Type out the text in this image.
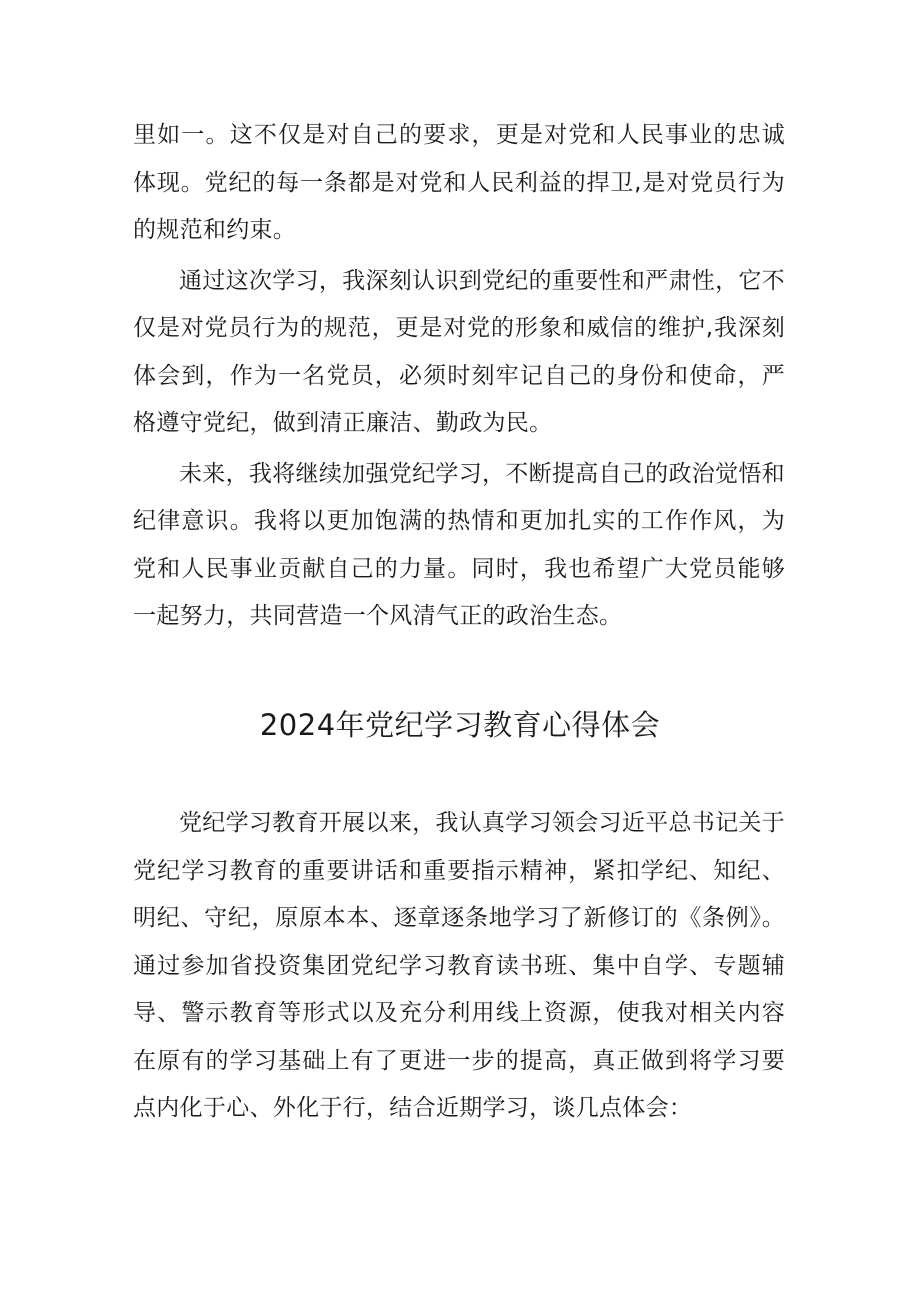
里如一。这不仅是对自己的要求，更是对党和人民事业的忠诚体现。党纪的每一条都是对党和人民利益的捍卫,是对党员行为的规范和约束。

通过这次学习，我深刻认识到党纪的重要性和严肃性，它不仅是对党员行为的规范，更是对党的形象和威信的维护,我深刻体会到，作为一名党员，必须时刻牢记自己的身份和使命，严格遵守党纪，做到清正廉洁、勤政为民。

未来，我将继续加强党纪学习，不断提高自己的政治觉悟和纪律意识。我将以更加饱满的热情和更加扎实的工作作风，为党和人民事业贡献自己的力量。同时，我也希望广大党员能够一起努力，共同营造一个风清气正的政治生态。

2024年党纪学习教育心得体会

党纪学习教育开展以来，我认真学习领会习近平总书记关于党纪学习教育的重要讲话和重要指示精神，紧扣学纪、知纪、明纪、守纪，原原本本、逐章逐条地学习了新修订的《条例》。通过参加省投资集团党纪学习教育读书班、集中自学、专题辅导、警示教育等形式以及充分利用线上资源，使我对相关内容在原有的学习基础上有了更进一步的提高，真正做到将学习要点内化于心、外化于行，结合近期学习，谈几点体会：
